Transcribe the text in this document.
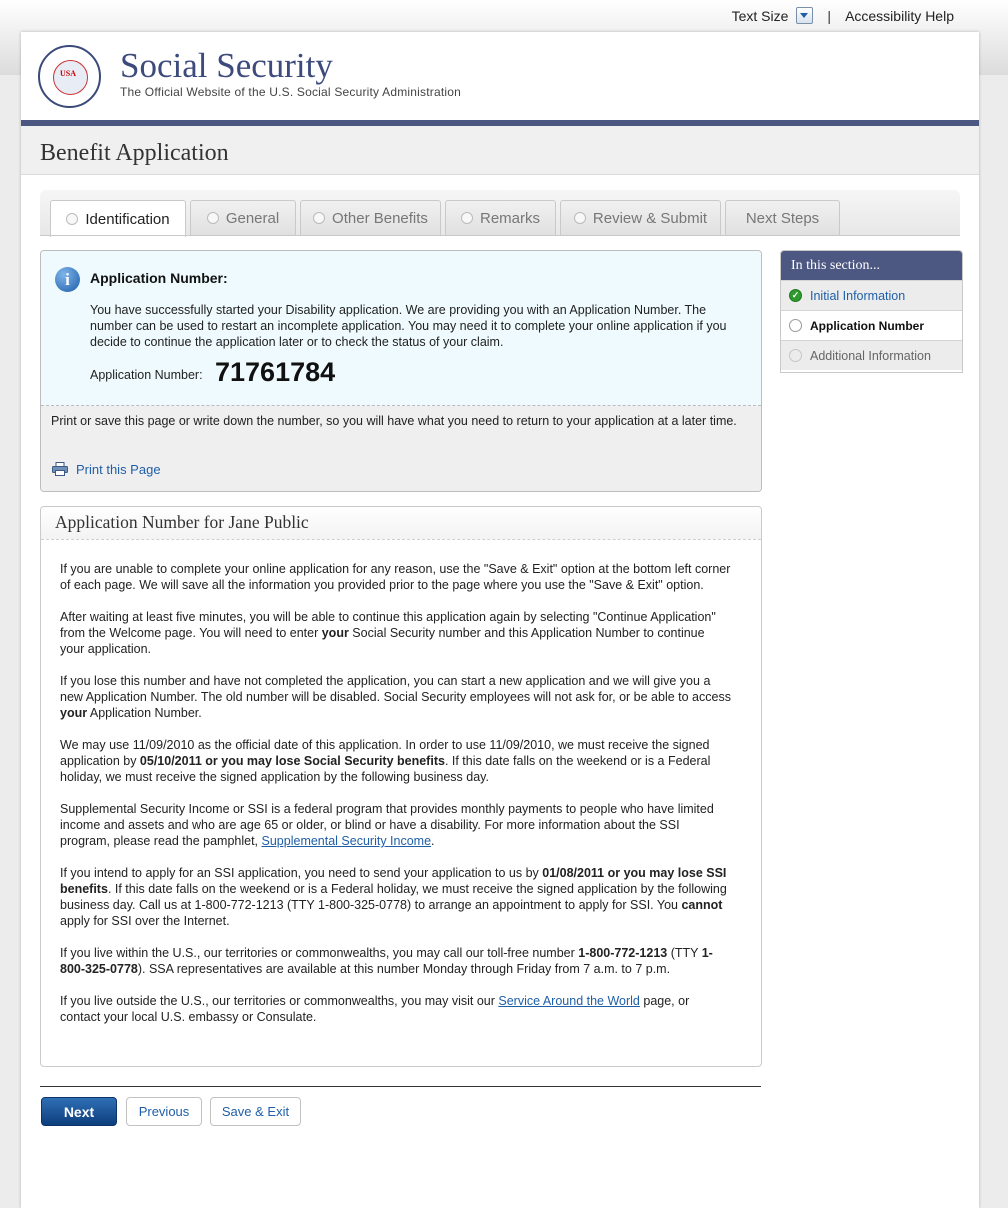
Text Size	|	Accessibility Help
USA Social Security
The Official Website of the U.S. Social Security Administration
Benefit Application
Identification	General	Other Benefits	Remarks	Review & Submit	Next Steps
i	Application Number:
You have successfully started your Disability application. We are providing you with an Application Number. The number can be used to restart an incomplete application. You may need it to complete your online application if you decide to continue the application later or to check the status of your claim.
Application Number: 71761784
Print or save this page or write down the number, so you will have what you need to return to your application at a later time.
Print this Page
Application Number for Jane Public

If you are unable to complete your online application for any reason, use the "Save & Exit" option at the bottom left corner of each page. We will save all the information you provided prior to the page where you use the "Save & Exit" option.

After waiting at least five minutes, you will be able to continue this application again by selecting "Continue Application" from the Welcome page. You will need to enter your Social Security number and this Application Number to continue your application.

If you lose this number and have not completed the application, you can start a new application and we will give you a new Application Number. The old number will be disabled. Social Security employees will not ask for, or be able to access your Application Number.

We may use 11/09/2010 as the official date of this application. In order to use 11/09/2010, we must receive the signed application by 05/10/2011 or you may lose Social Security benefits. If this date falls on the weekend or is a Federal holiday, we must receive the signed application by the following business day.

Supplemental Security Income or SSI is a federal program that provides monthly payments to people who have limited income and assets and who are age 65 or older, or blind or have a disability. For more information about the SSI program, please read the pamphlet, Supplemental Security Income.

If you intend to apply for an SSI application, you need to send your application to us by 01/08/2011 or you may lose SSI benefits. If this date falls on the weekend or is a Federal holiday, we must receive the signed application by the following business day. Call us at 1-800-772-1213 (TTY 1-800-325-0778) to arrange an appointment to apply for SSI. You cannot apply for SSI over the Internet.

If you live within the U.S., our territories or commonwealths, you may call our toll-free number 1-800-772-1213 (TTY 1-800-325-0778). SSA representatives are available at this number Monday through Friday from 7 a.m. to 7 p.m.

If you live outside the U.S., our territories or commonwealths, you may visit our Service Around the World page, or contact your local U.S. embassy or Consulate.

Next	Previous	Save & Exit
In this section...
✓ Initial Information
Application Number
Additional Information
